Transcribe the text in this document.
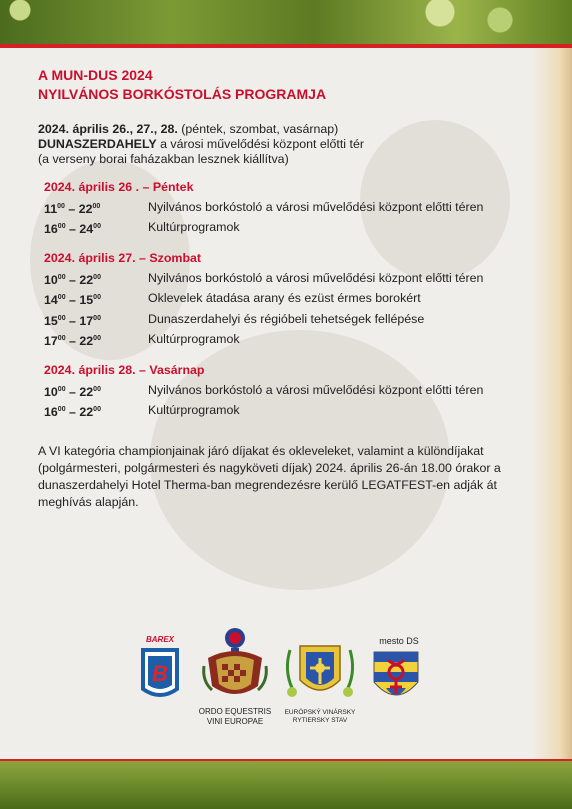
A MUN-DUS 2024
NYILVÁNOS BORKÓSTOLÁS PROGRAMJA
2024. április 26., 27., 28. (péntek, szombat, vasárnap)
DUNASZERDAHELY a városi művelődési központ előtti tér
(a verseny borai faházakban lesznek kiállítva)
2024. április 26 . – Péntek
$11^{00} - 22^{00}$	Nyilvános borkóstoló a városi művelődési központ előtti téren
$16^{00} - 24^{00}$	Kultúrprogramok
2024. április 27. – Szombat
$10^{00} - 22^{00}$	Nyilvános borkóstoló a városi művelődési központ előtti téren
$14^{00} - 15^{00}$	Oklevelek átadása arany és ezüst érmes borokért
$15^{00} - 17^{00}$	Dunaszerdahelyi és régióbeli tehetségek fellépése
$17^{00} - 22^{00}$	Kultúrprogramok
2024. április 28. – Vasárnap
$10^{00} - 22^{00}$	Nyilvános borkóstoló a városi művelődési központ előtti téren
$16^{00} - 22^{00}$	Kultúrprogramok
A VI kategória championjainak járó díjakat és okleveleket, valamint a különdíjakat (polgármesteri, polgármesteri és nagyköveti díjak) 2024. április 26-án 18.00 órakor a dunaszerdahelyi Hotel Therma-ban megrendezésre kerülő LEGATFEST-en adják át meghívás alapján.
BAREX
B
ORDO EQUESTRIS
VINI EUROPAE
EURÓPSKÝ VINÁRSKY
RYTIERSKY STAV
mesto DS
